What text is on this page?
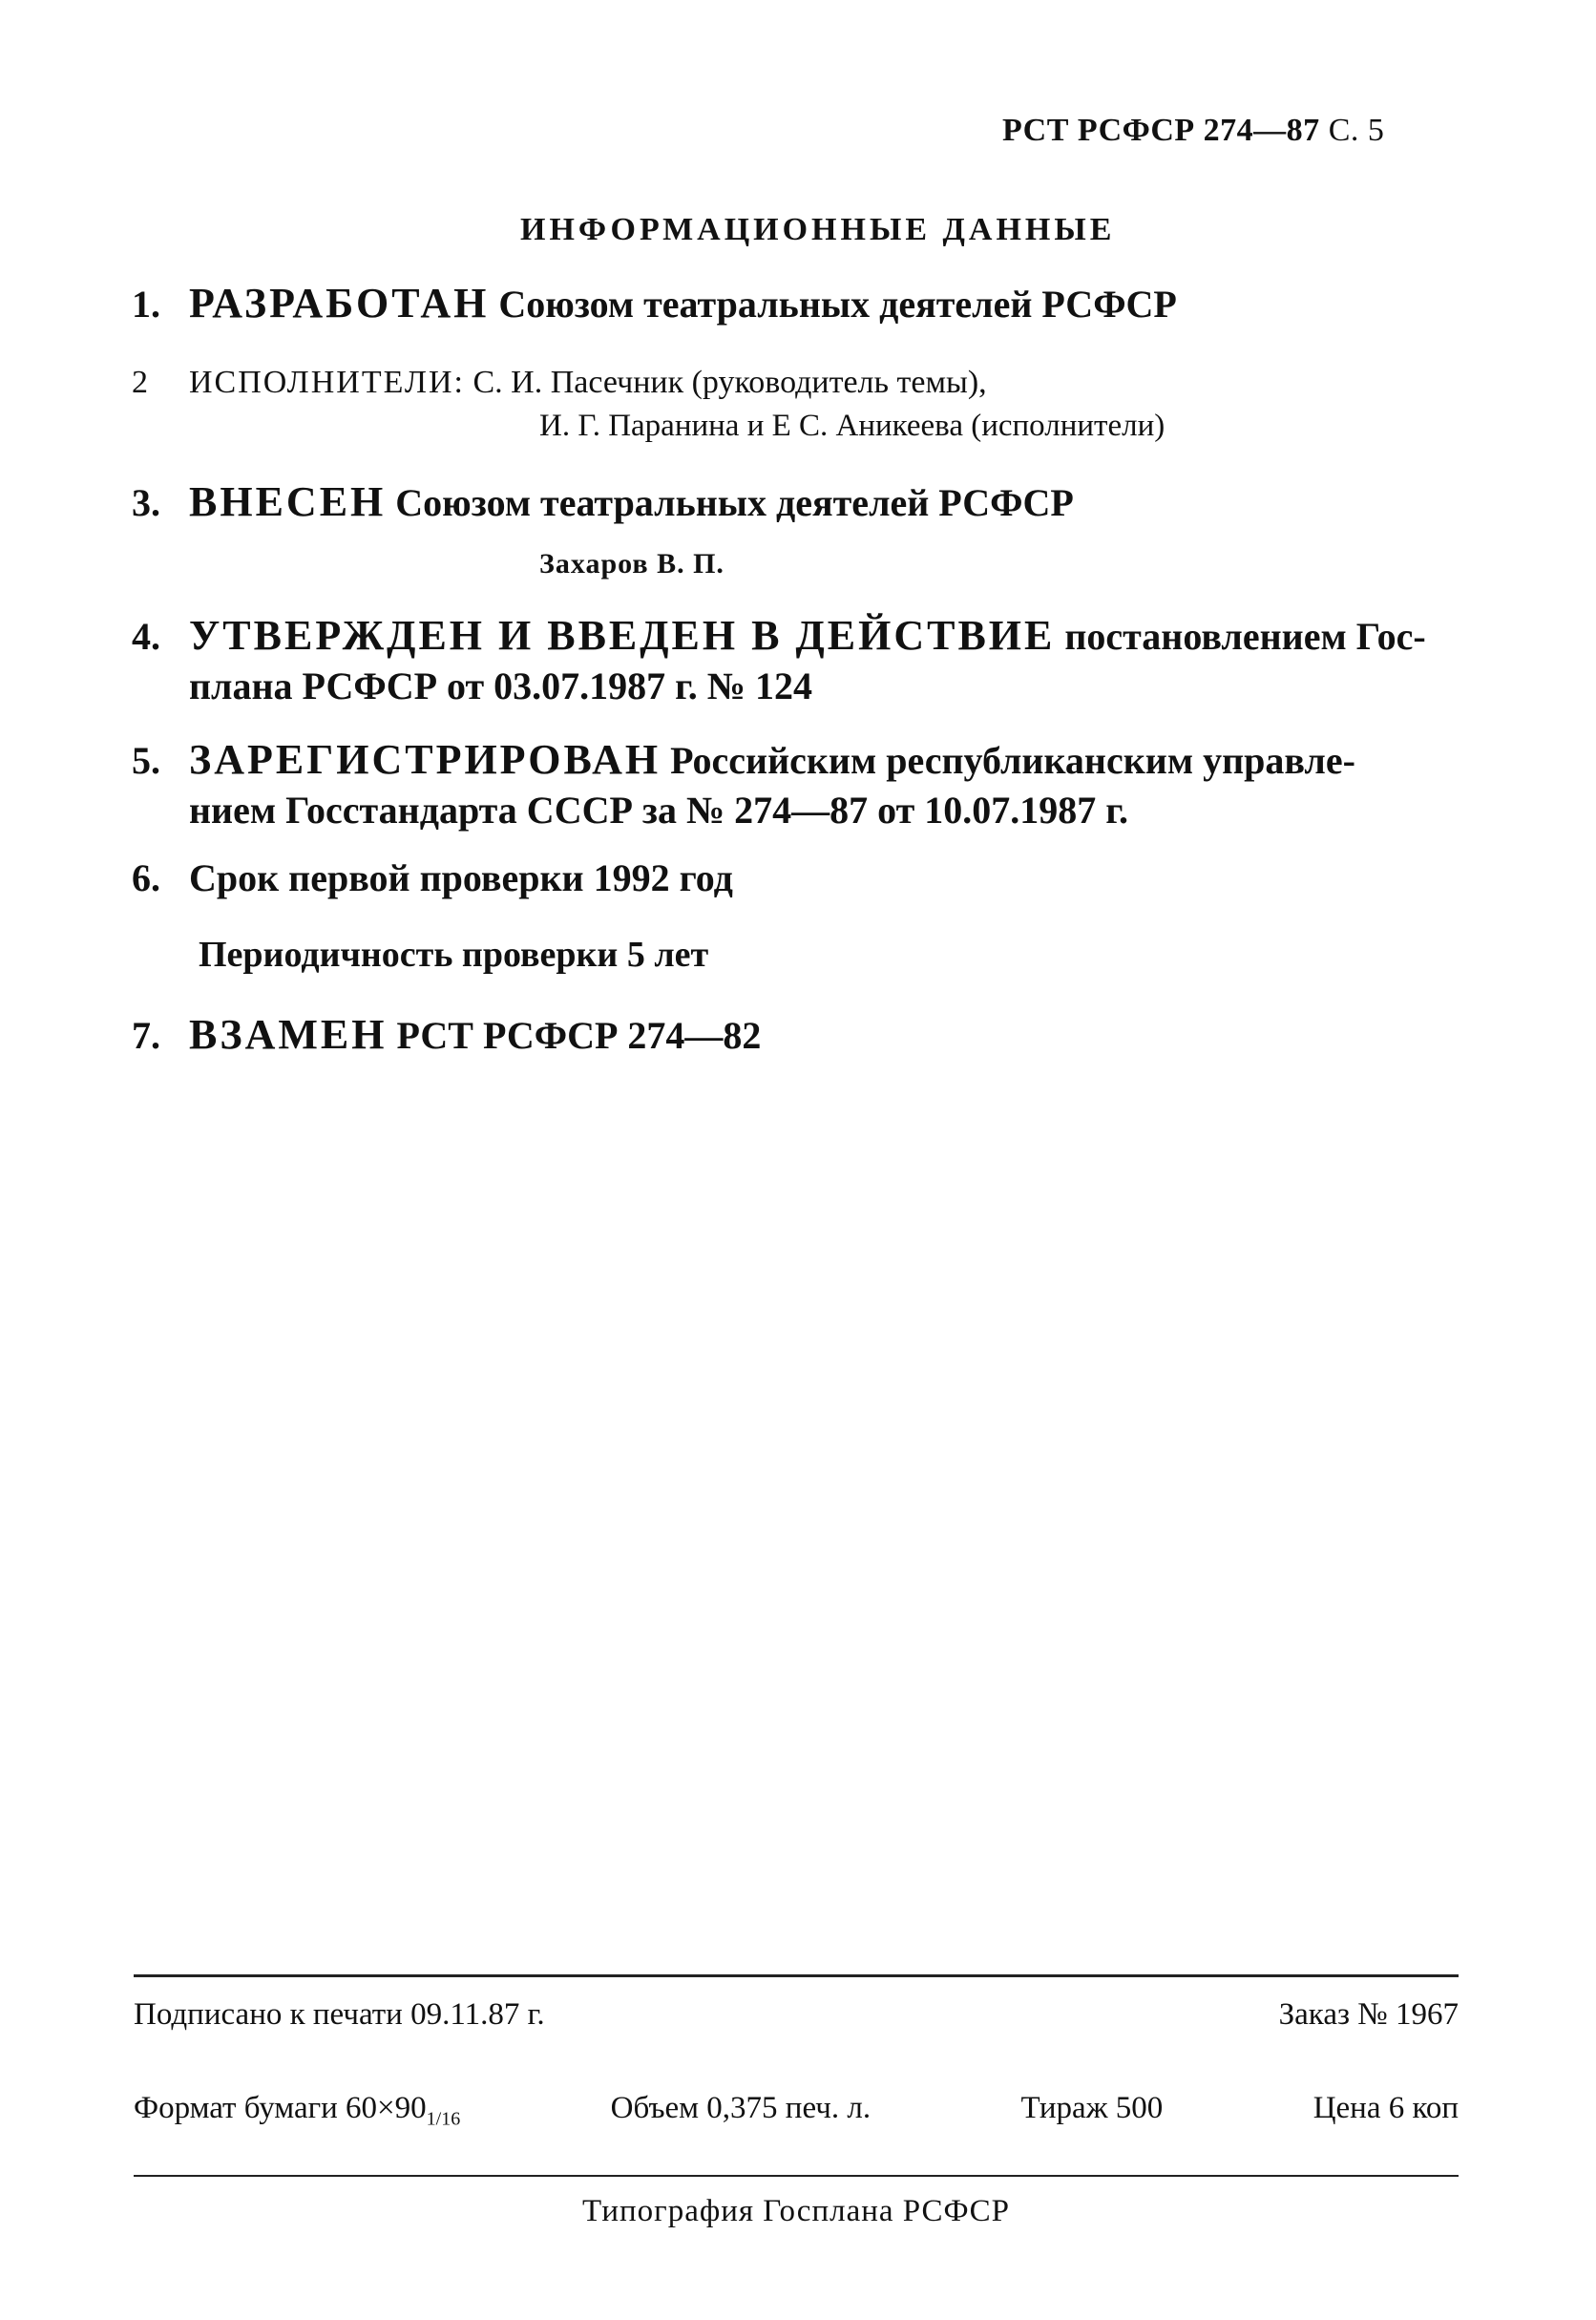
РСТ РСФСР 274—87 С. 5
ИНФОРМАЦИОННЫЕ ДАННЫЕ
1. РАЗРАБОТАН Союзом театральных деятелей РСФСР
2 ИСПОЛНИТЕЛИ: С. И. Пасечник (руководитель темы),
И. Г. Паранина и Е С. Аникеева (исполнители)
3. ВНЕСЕН Союзом театральных деятелей РСФСР
Захаров В. П.
4. УТВЕРЖДЕН И ВВЕДЕН В ДЕЙСТВИЕ постановлением Гос-
плана РСФСР от 03.07.1987 г. № 124
5. ЗАРЕГИСТРИРОВАН Российским республиканским управле-
нием Госстандарта СССР за № 274—87 от 10.07.1987 г.
6. Срок первой проверки 1992 год
Периодичность проверки 5 лет
7. ВЗАМЕН РСТ РСФСР 274—82
Подписано к печати 09.11.87 г.	Заказ № 1967
Формат бумаги $60\times 90_{1/16}$	Объем 0,375 печ. л.	Тираж 500	Цена 6 коп
Типография Госплана РСФСР
